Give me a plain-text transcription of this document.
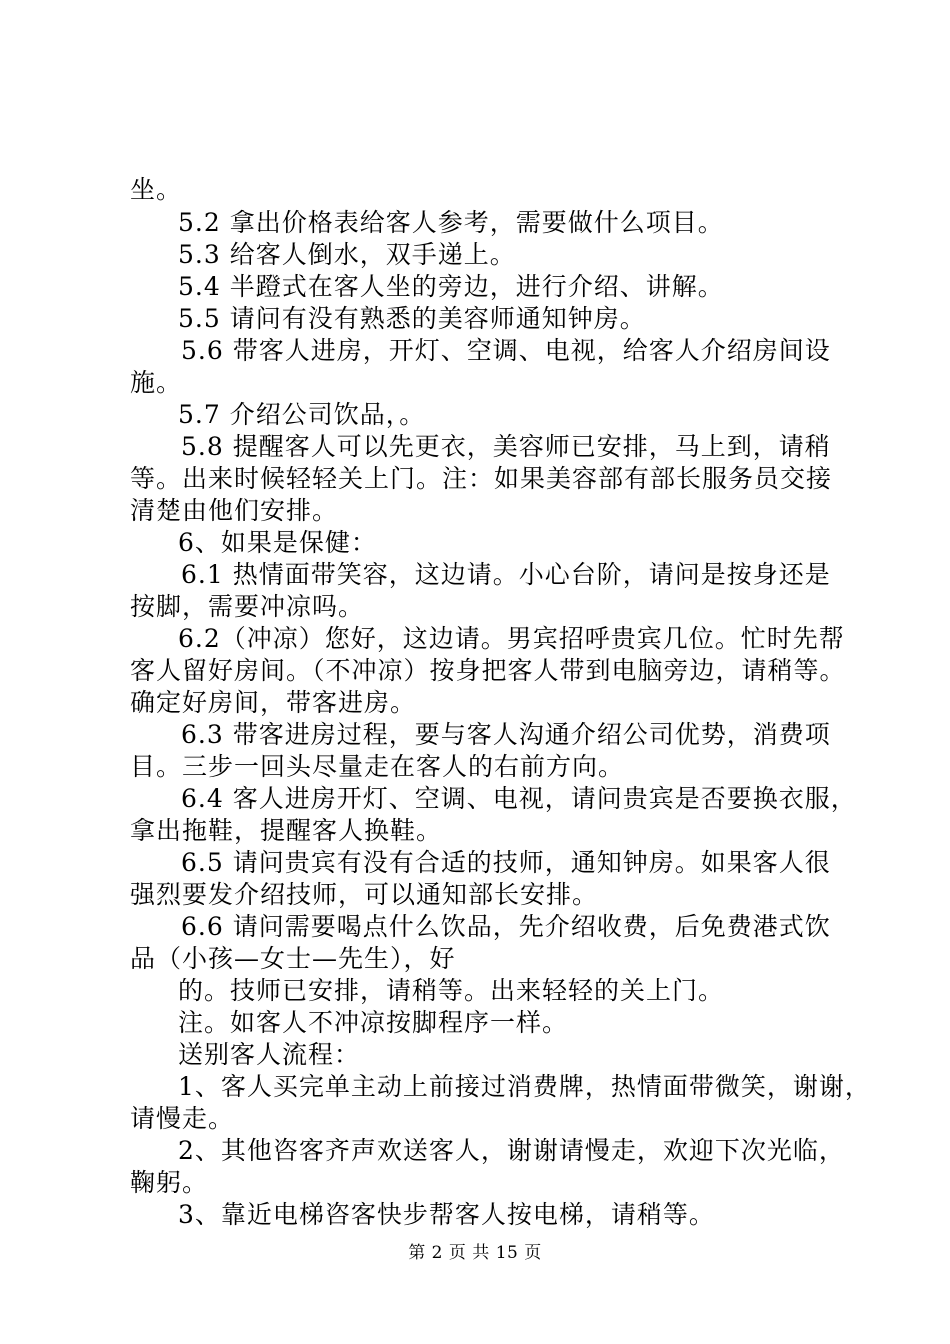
坐。
5.2 拿出价格表给客人参考，需要做什么项目。
5.3 给客人倒水，双手递上。
5.4 半蹬式在客人坐的旁边，进行介绍、讲解。
5.5 请问有没有熟悉的美容师通知钟房。
5.6 带客人进房，开灯、空调、电视，给客人介绍房间设
施。
5.7 介绍公司饮品，。
5.8 提醒客人可以先更衣，美容师已安排，马上到，请稍
等。出来时候轻轻关上门。注：如果美容部有部长服务员交接
清楚由他们安排。
6、如果是保健：
6.1 热情面带笑容，这边请。小心台阶，请问是按身还是
按脚，需要冲凉吗。
6.2（冲凉）您好，这边请。男宾招呼贵宾几位。忙时先帮
客人留好房间。（不冲凉）按身把客人带到电脑旁边，请稍等。
确定好房间，带客进房。
6.3 带客进房过程，要与客人沟通介绍公司优势，消费项
目。三步一回头尽量走在客人的右前方向。
6.4 客人进房开灯、空调、电视，请问贵宾是否要换衣服，
拿出拖鞋，提醒客人换鞋。
6.5 请问贵宾有没有合适的技师，通知钟房。如果客人很
强烈要发介绍技师，可以通知部长安排。
6.6 请问需要喝点什么饮品，先介绍收费，后免费港式饮
品（小孩—女士—先生），好
的。技师已安排，请稍等。出来轻轻的关上门。
注。如客人不冲凉按脚程序一样。
送别客人流程：
1、客人买完单主动上前接过消费牌，热情面带微笑，谢谢，
请慢走。
2、其他咨客齐声欢送客人，谢谢请慢走，欢迎下次光临，
鞠躬。
3、靠近电梯咨客快步帮客人按电梯，请稍等。
第 2 页 共 15 页
